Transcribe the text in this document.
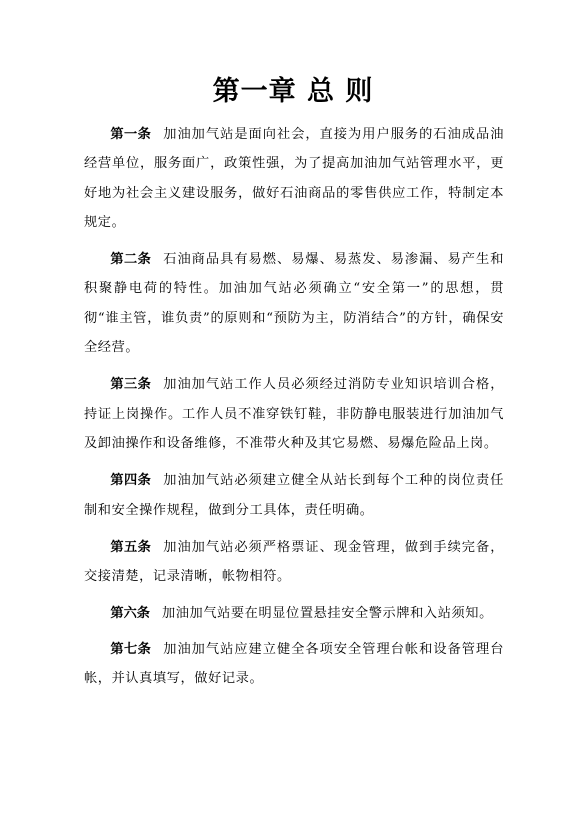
第一章 总 则

第一条 加油加气站是面向社会，直接为用户服务的石油成品油经营单位，服务面广，政策性强，为了提高加油加气站管理水平，更好地为社会主义建设服务，做好石油商品的零售供应工作，特制定本规定。

第二条 石油商品具有易燃、易爆、易蒸发、易渗漏、易产生和积聚静电荷的特性。加油加气站必须确立“安全第一”的思想，贯彻“谁主管，谁负责”的原则和“预防为主，防消结合”的方针，确保安全经营。

第三条 加油加气站工作人员必须经过消防专业知识培训合格，持证上岗操作。工作人员不准穿铁钉鞋，非防静电服装进行加油加气及卸油操作和设备维修，不准带火种及其它易燃、易爆危险品上岗。

第四条 加油加气站必须建立健全从站长到每个工种的岗位责任制和安全操作规程，做到分工具体，责任明确。

第五条 加油加气站必须严格票证、现金管理，做到手续完备，交接清楚，记录清晰，帐物相符。

第六条 加油加气站要在明显位置悬挂安全警示牌和入站须知。

第七条 加油加气站应建立健全各项安全管理台帐和设备管理台帐，并认真填写，做好记录。
